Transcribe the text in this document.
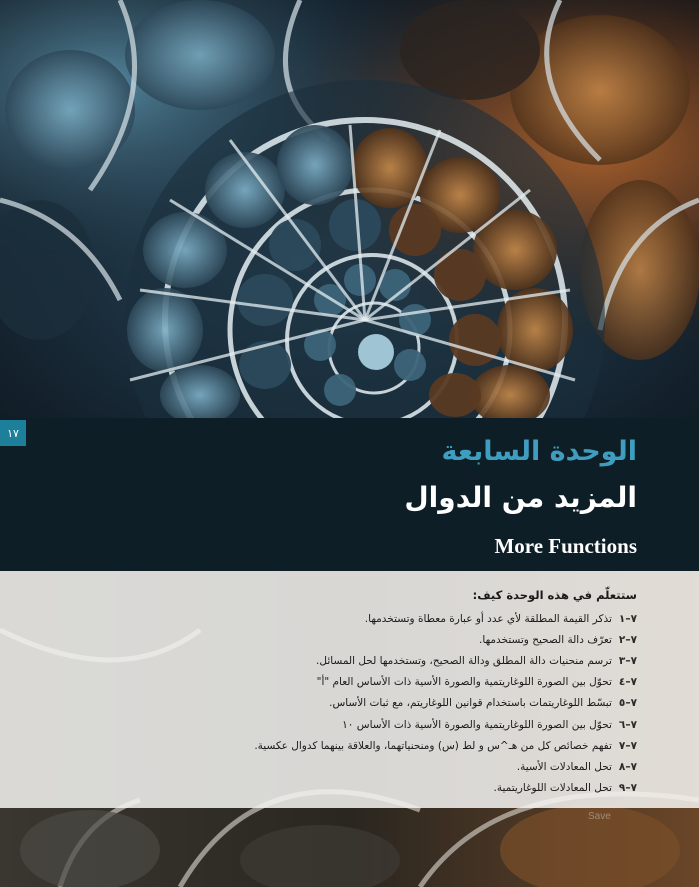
١٧
الوحدة السابعة
المزيد من الدوال
More Functions
ستتعلّم في هذه الوحدة كيف:
٧–١
تذكر القيمة المطلقة لأي عدد أو عبارة معطاة وتستخدمها.
٧–٢
تعرّف دالة الصحيح وتستخدمها.
٧–٣
ترسم منحنيات دالة المطلق ودالة الصحيح، وتستخدمها لحل المسائل.
٧–٤
تحوّل بين الصورة اللوغاريتمية والصورة الأسية ذات الأساس العام "أ"
٧–٥
تبسّط اللوغاريتمات باستخدام قوانين اللوغاريتم، مع ثبات الأساس.
٧–٦
تحوّل بين الصورة اللوغاريتمية والصورة الأسية ذات الأساس ١٠
٧–٧
تفهم خصائص كل من هـ^س و لط (س) ومنحنياتهما، والعلاقة بينهما كدوال عكسية.
٧–٨
تحل المعادلات الأسية.
٧–٩
تحل المعادلات اللوغاريتمية.
Save
